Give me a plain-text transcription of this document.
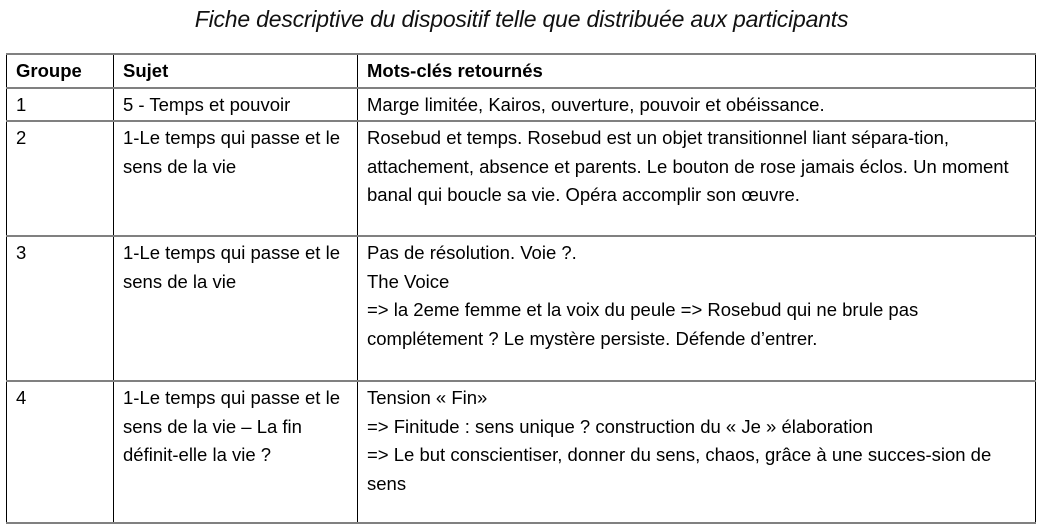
Fiche descriptive du dispositif telle que distribuée aux participants
Groupe	Sujet	Mots-clés retournés
1	5 - Temps et pouvoir	Marge limitée, Kairos, ouverture, pouvoir et obéissance.

2	1-Le temps qui passe et le sens de la vie	Rosebud et temps. Rosebud est un objet transitionnel liant sépara-tion, attachement, absence et parents. Le bouton de rose jamais éclos. Un moment banal qui boucle sa vie. Opéra accomplir son œuvre.

3	1-Le temps qui passe et le sens de la vie	Pas de résolution. Voie ?.
The Voice
=> la 2eme femme et la voix du peule => Rosebud qui ne brule pas complétement ? Le mystère persiste. Défende d’entrer.

4	1-Le temps qui passe et le sens de la vie – La fin définit-elle la vie ?	Tension « Fin»
=> Finitude : sens unique ? construction du « Je » élaboration
=> Le but conscientiser, donner du sens, chaos, grâce à une succes-sion de sens
